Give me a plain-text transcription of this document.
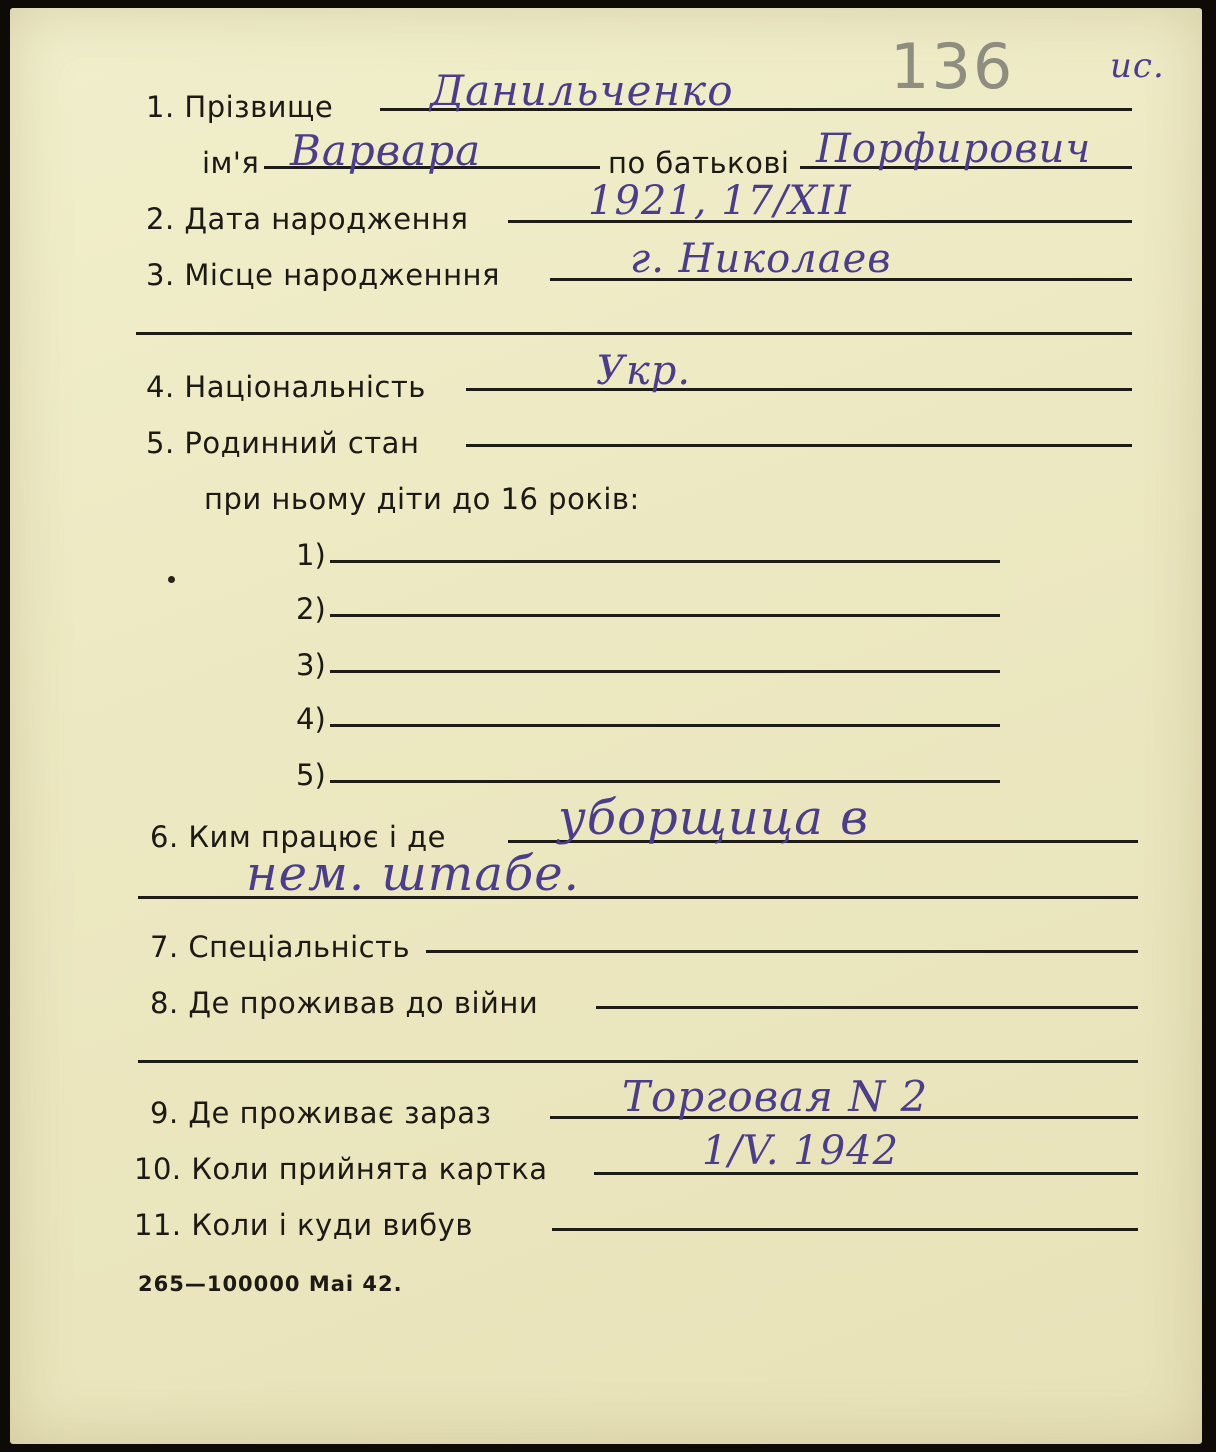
136	ис.
1. Прізвище Данильченко
ім'я Варвара	по батькові Порфирович
2. Дата народження	1921, 17/XII
3. Місце народженння	г. Николаев
4. Національність	Укр.
5. Родинний стан
при ньому діти до 16 років:
1)
2)
3)
4)
5)
6. Ким працює і де уборщица в
нем. штабе.
7. Спеціальність
8. Де проживав до війни
9. Де проживає зараз	Торговая N 2
10. Коли прийнята картка	1/V. 1942
11. Коли і куди вибув
265—100000 Mai 42.
